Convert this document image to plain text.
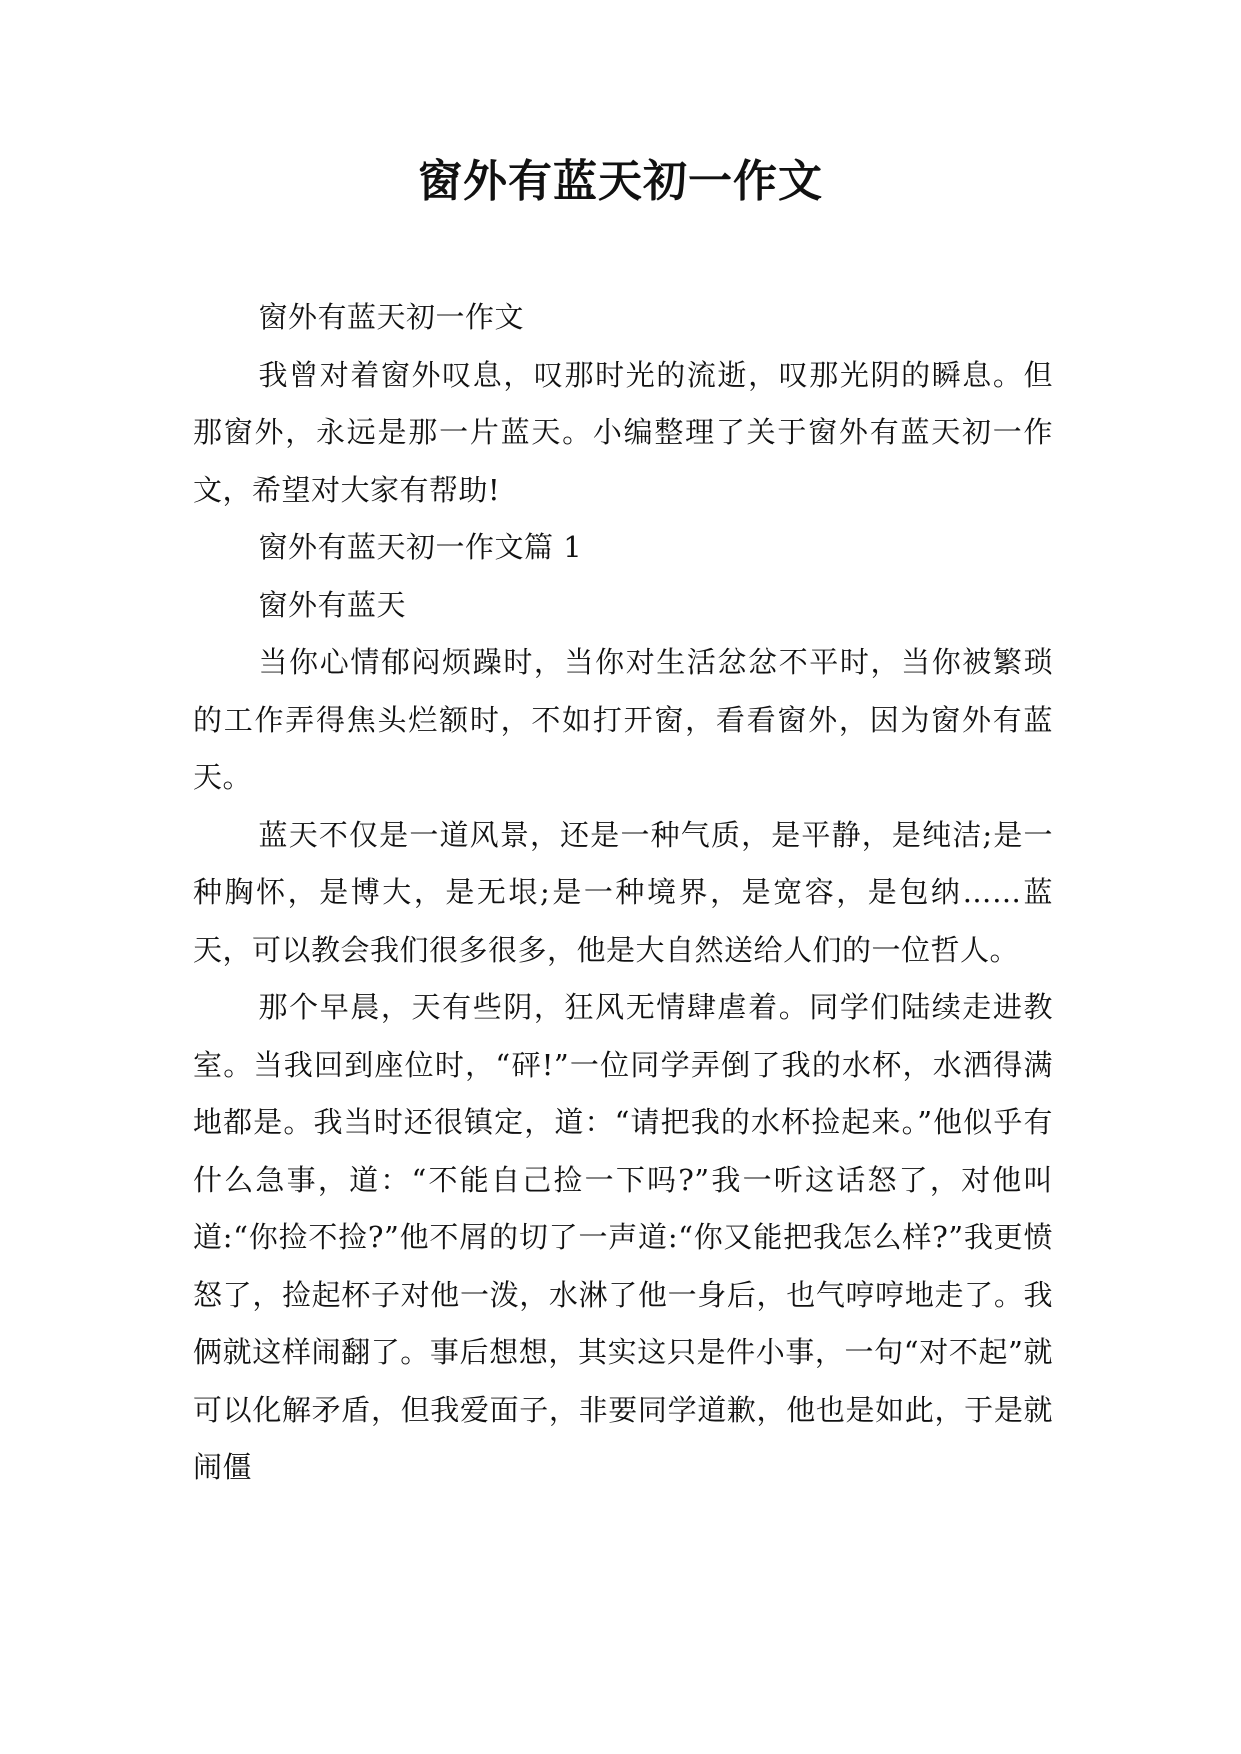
窗外有蓝天初一作文

窗外有蓝天初一作文

我曾对着窗外叹息，叹那时光的流逝，叹那光阴的瞬息。但那窗外，永远是那一片蓝天。小编整理了关于窗外有蓝天初一作文，希望对大家有帮助!

窗外有蓝天初一作文篇 1

窗外有蓝天

当你心情郁闷烦躁时，当你对生活忿忿不平时，当你被繁琐的工作弄得焦头烂额时，不如打开窗，看看窗外，因为窗外有蓝天。

蓝天不仅是一道风景，还是一种气质，是平静，是纯洁;是一种胸怀，是博大，是无垠;是一种境界，是宽容，是包纳……蓝天，可以教会我们很多很多，他是大自然送给人们的一位哲人。

那个早晨，天有些阴，狂风无情肆虐着。同学们陆续走进教室。当我回到座位时，“砰!”一位同学弄倒了我的水杯，水洒得满地都是。我当时还很镇定，道：“请把我的水杯捡起来。”他似乎有什么急事，道：“不能自己捡一下吗?”我一听这话怒了，对他叫道:“你捡不捡?”他不屑的切了一声道:“你又能把我怎么样?”我更愤怒了，捡起杯子对他一泼，水淋了他一身后，也气哼哼地走了。我俩就这样闹翻了。事后想想，其实这只是件小事，一句“对不起”就可以化解矛盾，但我爱面子，非要同学道歉，他也是如此，于是就闹僵
